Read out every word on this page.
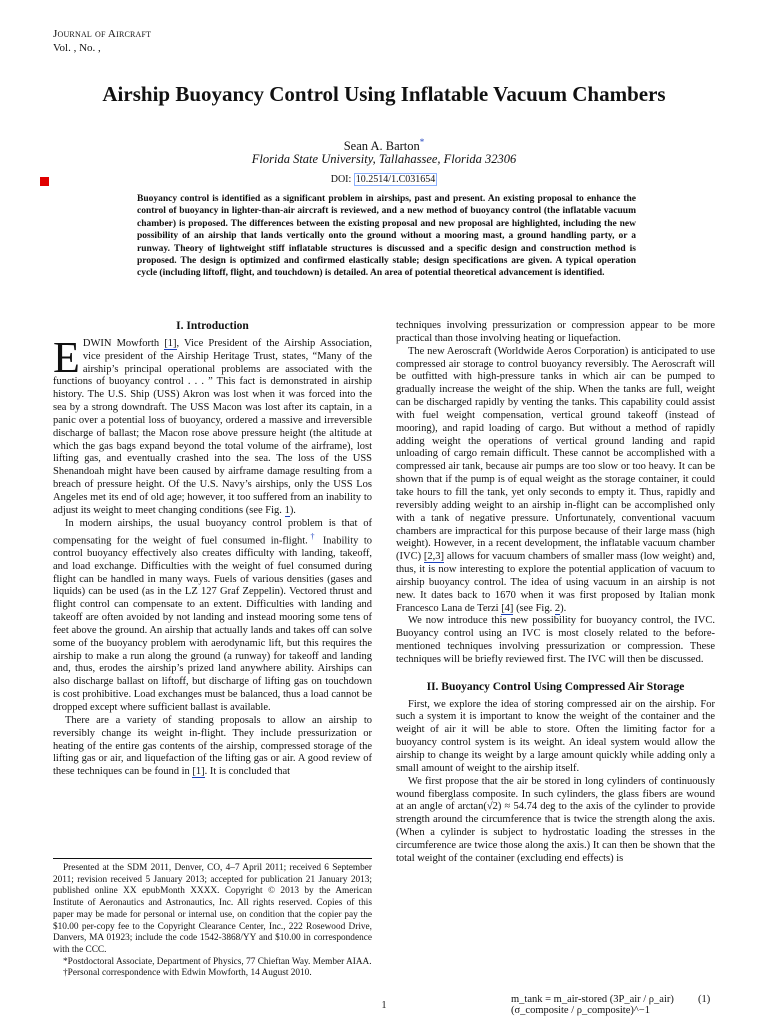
Journal of Aircraft
Vol. , No. ,
Airship Buoyancy Control Using Inflatable Vacuum Chambers
Sean A. Barton*
Florida State University, Tallahassee, Florida 32306
DOI: 10.2514/1.C031654

Buoyancy control is identified as a significant problem in airships, past and present. An existing proposal to enhance the control of buoyancy in lighter-than-air aircraft is reviewed, and a new method of buoyancy control (the inflatable vacuum chamber) is proposed. The differences between the existing proposal and new proposal are highlighted, including the new possibility of an airship that lands vertically onto the ground without a mooring mast, a ground handling party, or a runway. Theory of lightweight stiff inflatable structures is discussed and a specific design and construction method is proposed. The design is optimized and confirmed elastically stable; design specifications are given. A typical operation cycle (including liftoff, flight, and touchdown) is detailed. An area of potential theoretical advancement is identified.

I. Introduction

EDWIN Mowforth [1], Vice President of the Airship Association, vice president of the Airship Heritage Trust, states, “Many of the airship’s principal operational problems are associated with the functions of buoyancy control . . . ” This fact is demonstrated in airship history. The U.S. Ship (USS) Akron was lost when it was forced into the sea by a strong downdraft. The USS Macon was lost after its captain, in a panic over a potential loss of buoyancy, ordered a massive and irreversible discharge of ballast; the Macon rose above pressure height (the altitude at which the gas bags expand beyond the total volume of the airframe), lost lifting gas, and eventually crashed into the sea. The loss of the USS Shenandoah might have been caused by airframe damage resulting from a breach of pressure height. Of the U.S. Navy’s airships, only the USS Los Angeles met its end of old age; however, it too suffered from an inability to adjust its weight to meet changing conditions (see Fig. 1).

In modern airships, the usual buoyancy control problem is that of compensating for the weight of fuel consumed in-flight.† Inability to control buoyancy effectively also creates difficulty with landing, takeoff, and load exchange. Difficulties with the weight of fuel consumed during flight can be handled in many ways. Fuels of various densities (gases and liquids) can be used (as in the LZ 127 Graf Zeppelin). Vectored thrust and flight control can compensate to an extent. Difficulties with landing and takeoff are often avoided by not landing and instead mooring some tens of feet above the ground. An airship that actually lands and takes off can solve some of the buoyancy problem with aerodynamic lift, but this requires the airship to make a run along the ground (a runway) for takeoff and landing and, thus, erodes the airship’s prized land anywhere ability. Airships can also discharge ballast on liftoff, but discharge of lifting gas on touchdown is cost prohibitive. Load exchanges must be balanced, thus a load cannot be dropped except where sufficient ballast is available.

There are a variety of standing proposals to allow an airship to reversibly change its weight in-flight. They include pressurization or heating of the entire gas contents of the airship, compressed storage of the lifting gas or air, and liquefaction of the lifting gas or air. A good review of these techniques can be found in [1]. It is concluded that

Presented at the SDM 2011, Denver, CO, 4–7 April 2011; received 6 September 2011; revision received 5 January 2013; accepted for publication 21 January 2013; published online XX epubMonth XXXX. Copyright © 2013 by the American Institute of Aeronautics and Astronautics, Inc. All rights reserved. Copies of this paper may be made for personal or internal use, on condition that the copier pay the $10.00 per-copy fee to the Copyright Clearance Center, Inc., 222 Rosewood Drive, Danvers, MA 01923; include the code 1542-3868/YY and $10.00 in correspondence with the CCC.

*Postdoctoral Associate, Department of Physics, 77 Chieftan Way. Member AIAA.

†Personal correspondence with Edwin Mowforth, 14 August 2010.

techniques involving pressurization or compression appear to be more practical than those involving heating or liquefaction.

The new Aeroscraft (Worldwide Aeros Corporation) is anticipated to use compressed air storage to control buoyancy reversibly. The Aeroscraft will be outfitted with high-pressure tanks in which air can be pumped to gradually increase the weight of the ship. When the tanks are full, weight can be discharged rapidly by venting the tanks. This capability could assist with fuel weight compensation, vertical ground takeoff (instead of mooring), and rapid loading of cargo. But without a method of rapidly adding weight the operations of vertical ground landing and rapid unloading of cargo remain difficult. These cannot be accomplished with a compressed air tank, because air pumps are too slow or too heavy. It can be shown that if the pump is of equal weight as the storage container, it could take hours to fill the tank, yet only seconds to empty it. Thus, rapidly and reversibly adding weight to an airship in-flight can be accomplished only with a tank of negative pressure. Unfortunately, conventional vacuum chambers are impractical for this purpose because of their large mass (high weight). However, in a recent development, the inflatable vacuum chamber (IVC) [2,3] allows for vacuum chambers of smaller mass (low weight) and, thus, it is now interesting to explore the potential application of vacuum to airship buoyancy control. The idea of using vacuum in an airship is not new. It dates back to 1670 when it was first proposed by Italian monk Francesco Lana de Terzi [4] (see Fig. 2).

We now introduce this new possibility for buoyancy control, the IVC. Buoyancy control using an IVC is most closely related to the before-mentioned techniques involving pressurization or compression. These techniques will be briefly reviewed first. The IVC will then be discussed.

II. Buoyancy Control Using Compressed Air Storage

First, we explore the idea of storing compressed air on the airship. For such a system it is important to know the weight of the container and the weight of air it will be able to store. Often the limiting factor for a buoyancy control system is its weight. An ideal system would allow the airship to change its weight by a large amount quickly while adding only a small amount of weight to the airship itself.

We first propose that the air be stored in long cylinders of continuously wound fiberglass composite. In such cylinders, the glass fibers are wound at an angle of arctan(√2) ≈ 54.74 deg to the axis of the cylinder to provide strength around the circumference that is twice the strength along the axis. (When a cylinder is subject to hydrostatic loading the stresses in the circumference are twice those along the axis.) It can then be shown that the total weight of the container (excluding end effects) is

m_tank = m_air-stored (3P_air / ρ_air) (σ_composite / ρ_composite)^−1
(1)
1
